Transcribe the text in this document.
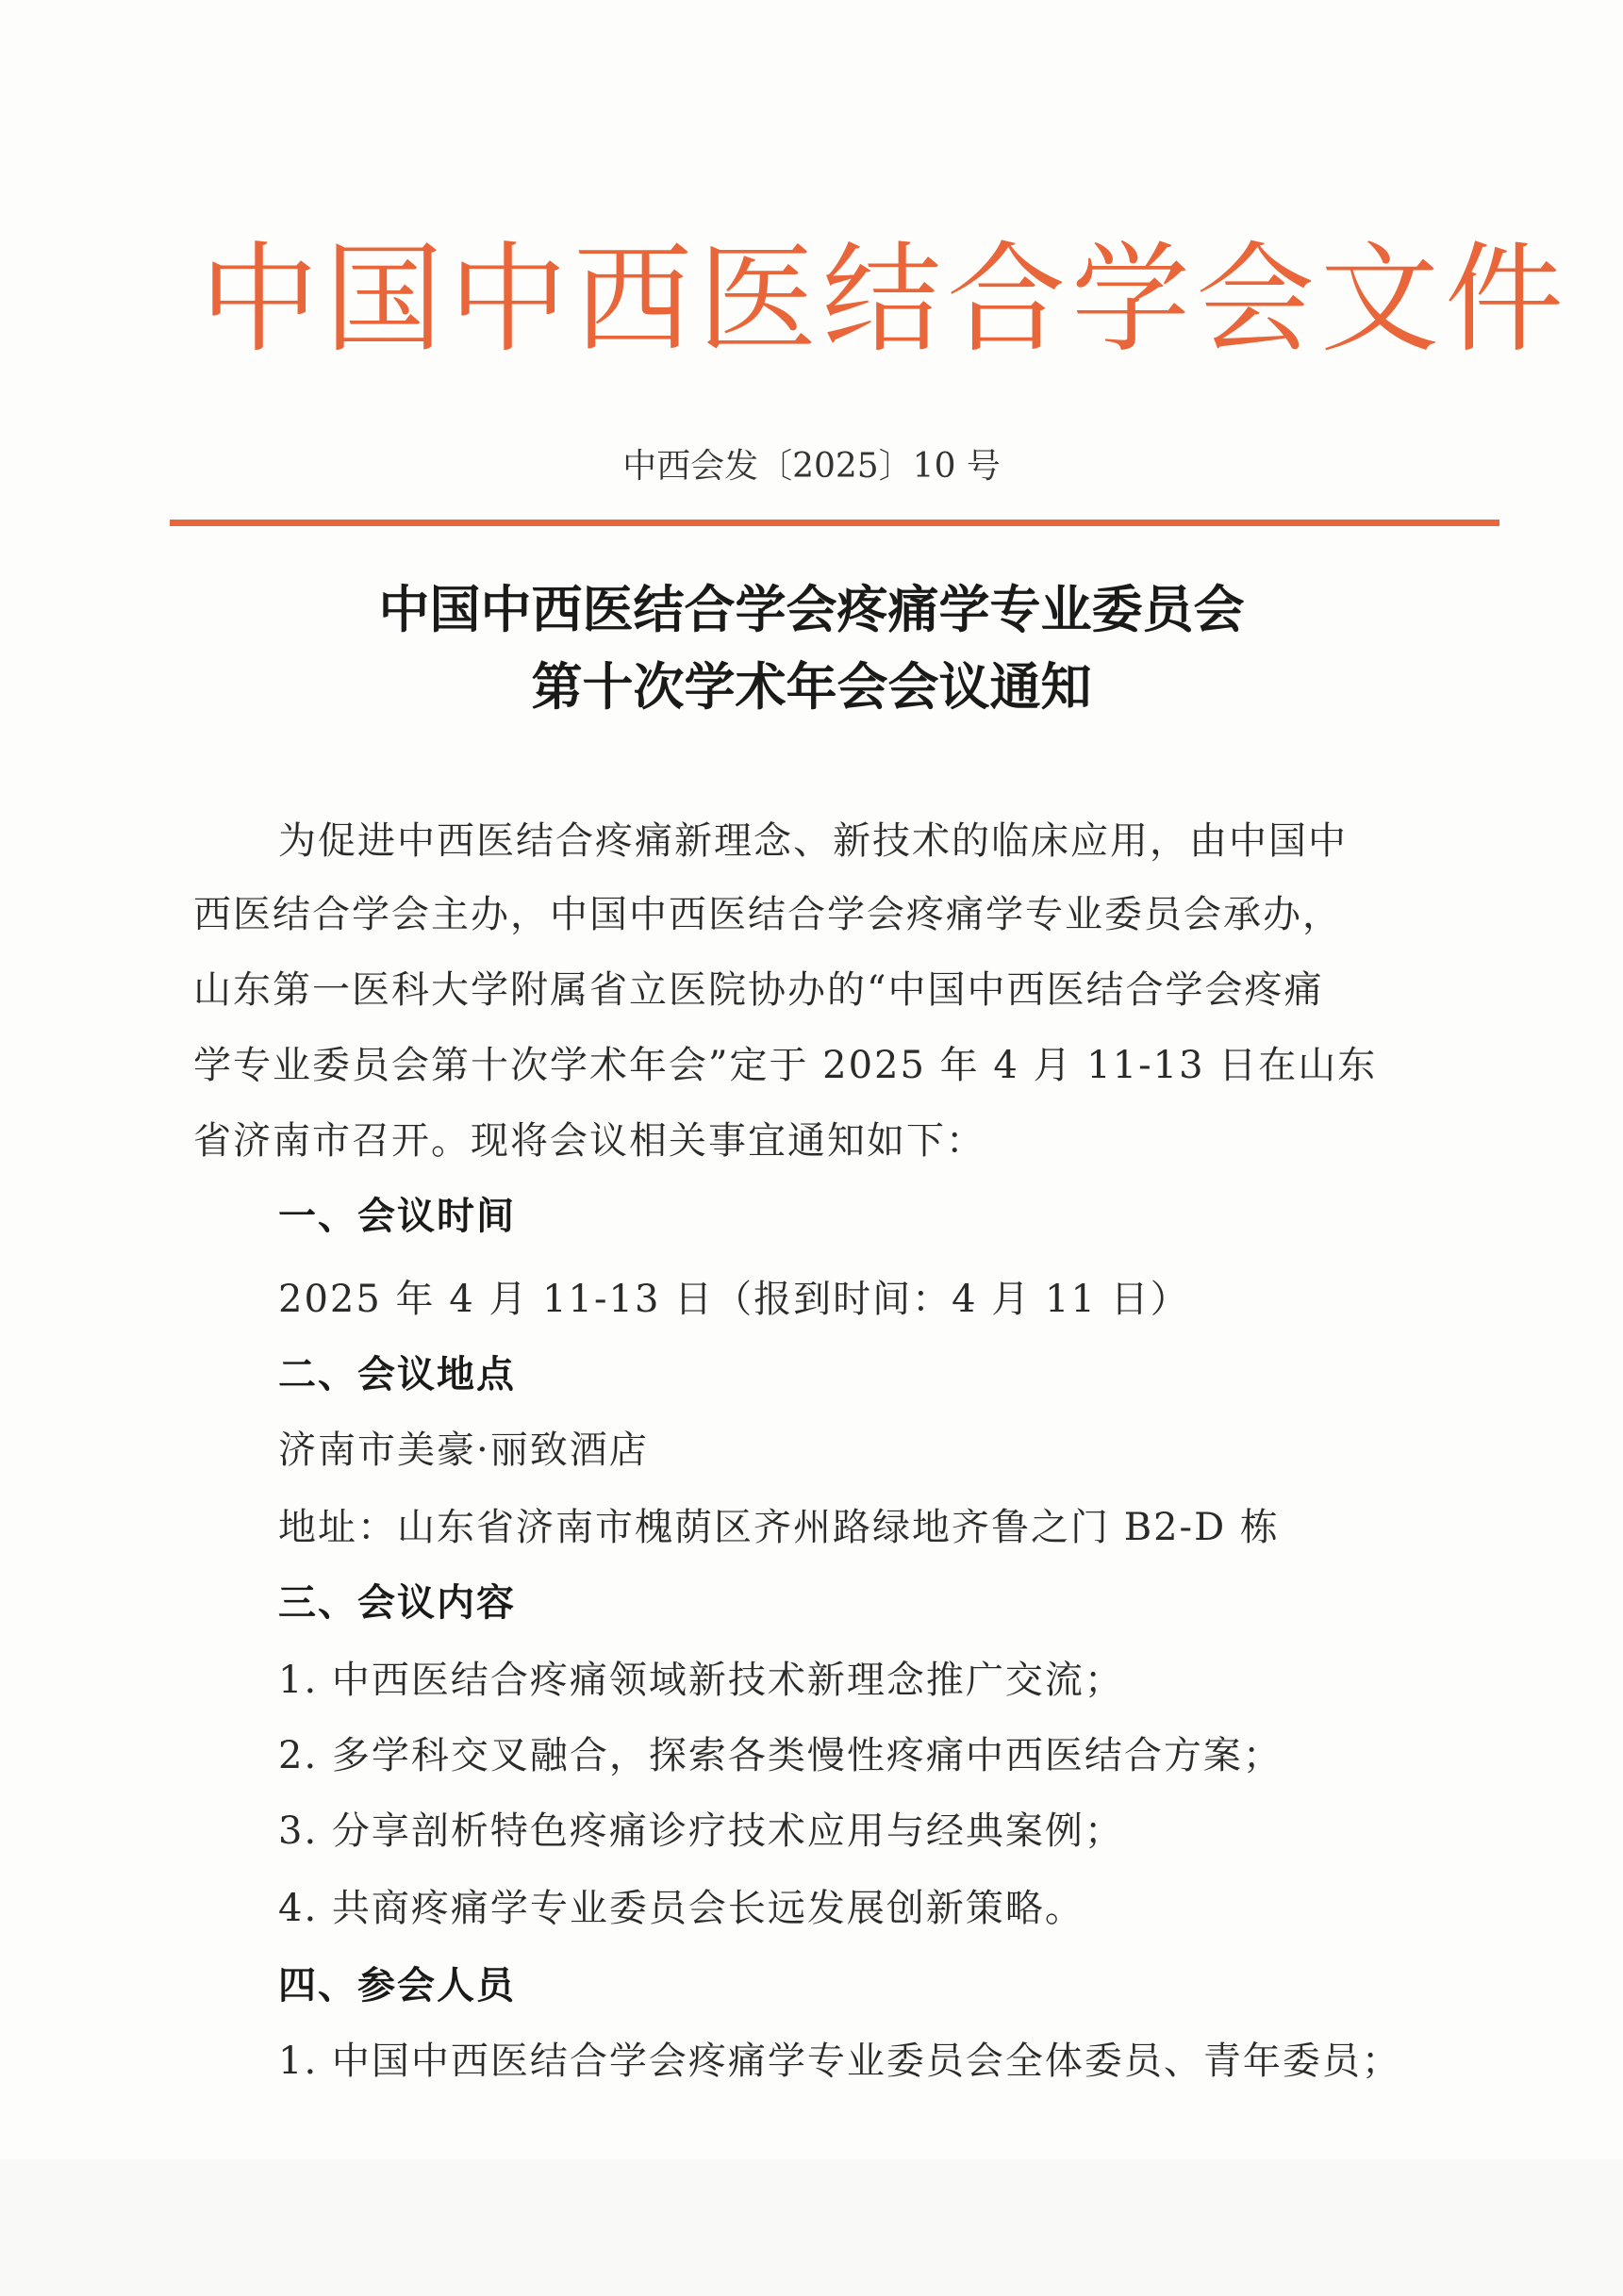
中国中西医结合学会文件
中西会发〔2025〕10 号
中国中西医结合学会疼痛学专业委员会
第十次学术年会会议通知
为促进中西医结合疼痛新理念、新技术的临床应用，由中国中
西医结合学会主办，中国中西医结合学会疼痛学专业委员会承办，
山东第一医科大学附属省立医院协办的“中国中西医结合学会疼痛
学专业委员会第十次学术年会”定于 2025 年 4 月 11-13 日在山东
省济南市召开。现将会议相关事宜通知如下：
一、会议时间
2025 年 4 月 11-13 日（报到时间：4 月 11 日）
二、会议地点
济南市美豪·丽致酒店
地址：山东省济南市槐荫区齐州路绿地齐鲁之门 B2-D 栋
三、会议内容
1. 中西医结合疼痛领域新技术新理念推广交流；
2. 多学科交叉融合，探索各类慢性疼痛中西医结合方案；
3. 分享剖析特色疼痛诊疗技术应用与经典案例；
4. 共商疼痛学专业委员会长远发展创新策略。
四、参会人员
1. 中国中西医结合学会疼痛学专业委员会全体委员、青年委员；
